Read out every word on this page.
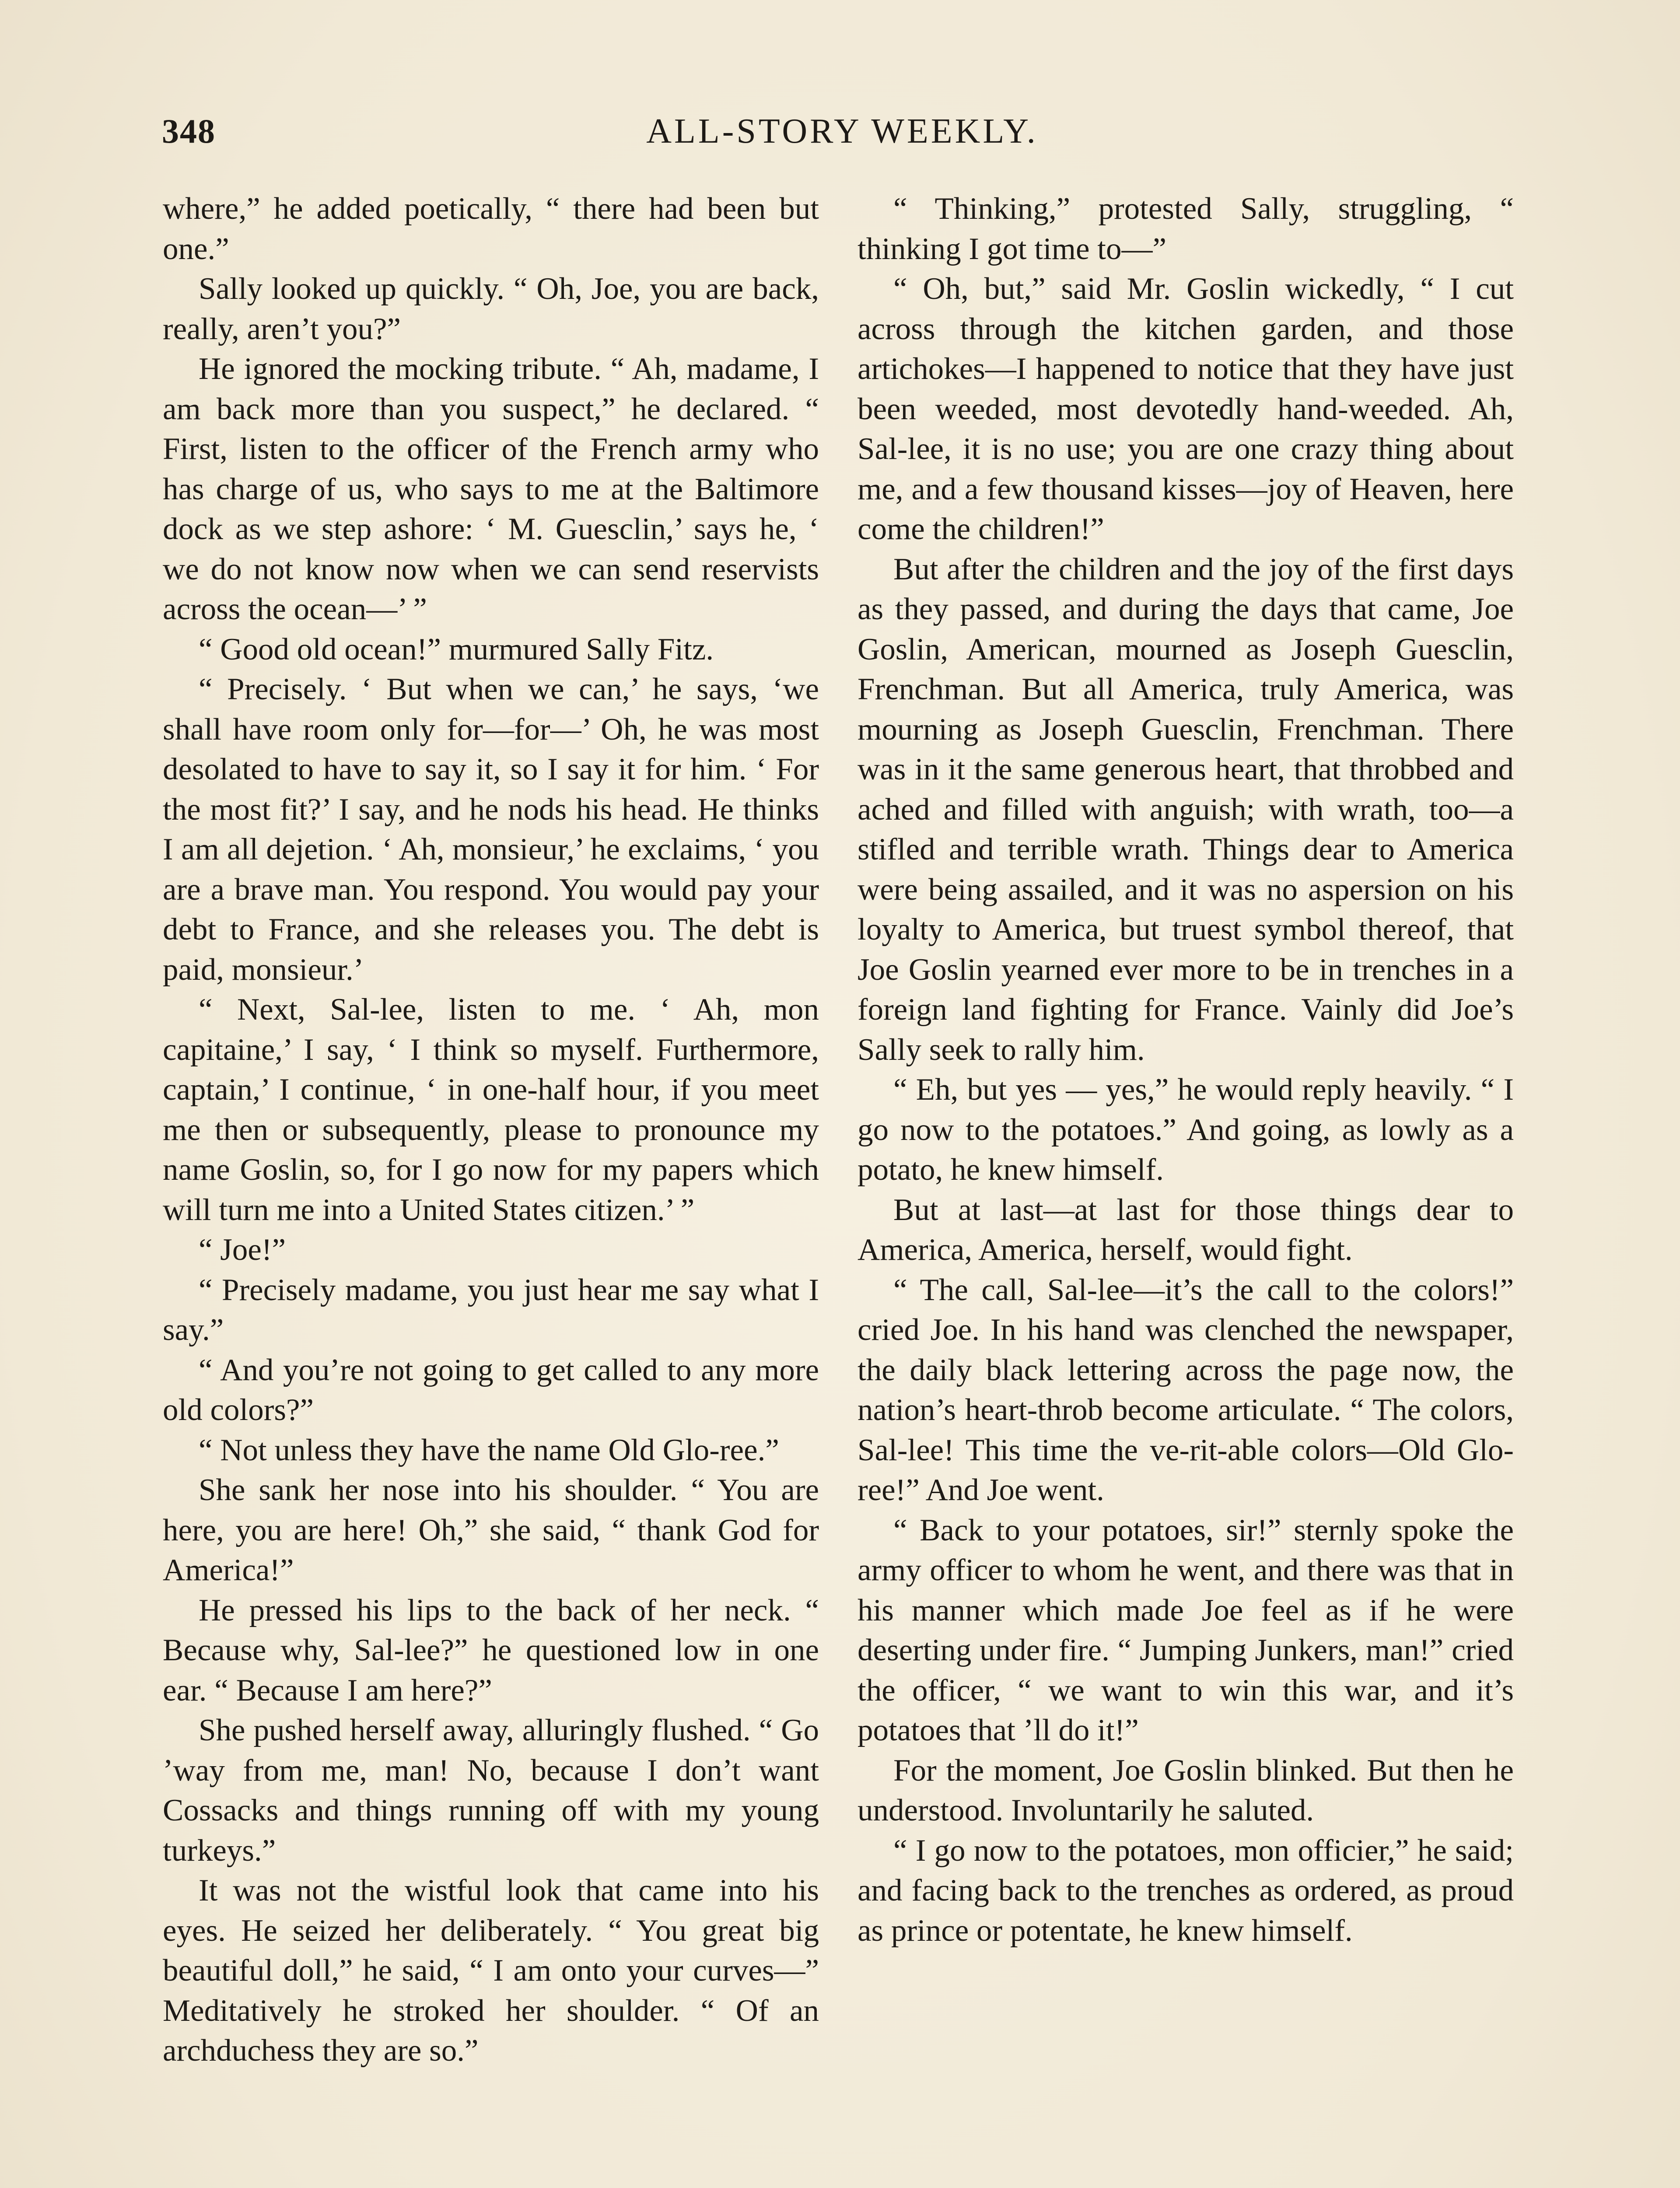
348	ALL-STORY WEEKLY.

where,” he added poetically, “ there had been but one.”

Sally looked up quickly. “ Oh, Joe, you are back, really, aren’t you?”

He ignored the mocking tribute. “ Ah, madame, I am back more than you suspect,” he declared. “ First, listen to the officer of the French army who has charge of us, who says to me at the Baltimore dock as we step ashore: ‘ M. Guesclin,’ says he, ‘ we do not know now when we can send reservists across the ocean—’ ”

“ Good old ocean!” murmured Sally Fitz.

“ Precisely. ‘ But when we can,’ he says, ‘we shall have room only for—for—’ Oh, he was most desolated to have to say it, so I say it for him. ‘ For the most fit?’ I say, and he nods his head. He thinks I am all dejetion. ‘ Ah, monsieur,’ he exclaims, ‘ you are a brave man. You respond. You would pay your debt to France, and she releases you. The debt is paid, monsieur.’

“ Next, Sal-lee, listen to me. ‘ Ah, mon capitaine,’ I say, ‘ I think so myself. Furthermore, captain,’ I continue, ‘ in one-half hour, if you meet me then or subsequently, please to pronounce my name Goslin, so, for I go now for my papers which will turn me into a United States citizen.’ ”

“ Joe!”

“ Precisely madame, you just hear me say what I say.”

“ And you’re not going to get called to any more old colors?”

“ Not unless they have the name Old Glo-ree.”

She sank her nose into his shoulder. “ You are here, you are here! Oh,” she said, “ thank God for America!”

He pressed his lips to the back of her neck. “ Because why, Sal-lee?” he questioned low in one ear. “ Because I am here?”

She pushed herself away, alluringly flushed. “ Go ’way from me, man! No, because I don’t want Cossacks and things running off with my young turkeys.”

It was not the wistful look that came into his eyes. He seized her deliberately. “ You great big beautiful doll,” he said, “ I am onto your curves—” Meditatively he stroked her shoulder. “ Of an archduchess they are so.”

“ Thinking,” protested Sally, struggling, “ thinking I got time to—”

“ Oh, but,” said Mr. Goslin wickedly, “ I cut across through the kitchen garden, and those artichokes—I happened to notice that they have just been weeded, most devotedly hand-weeded. Ah, Sal-lee, it is no use; you are one crazy thing about me, and a few thousand kisses—joy of Heaven, here come the children!”

But after the children and the joy of the first days as they passed, and during the days that came, Joe Goslin, American, mourned as Joseph Guesclin, Frenchman. But all America, truly America, was mourning as Joseph Guesclin, Frenchman. There was in it the same generous heart, that throbbed and ached and filled with anguish; with wrath, too—a stifled and terrible wrath. Things dear to America were being assailed, and it was no aspersion on his loyalty to America, but truest symbol thereof, that Joe Goslin yearned ever more to be in trenches in a foreign land fighting for France. Vainly did Joe’s Sally seek to rally him.

“ Eh, but yes — yes,” he would reply heavily. “ I go now to the potatoes.” And going, as lowly as a potato, he knew himself.

But at last—at last for those things dear to America, America, herself, would fight.

“ The call, Sal-lee—it’s the call to the colors!” cried Joe. In his hand was clenched the newspaper, the daily black lettering across the page now, the nation’s heart-throb become articulate. “ The colors, Sal-lee! This time the ve-rit-able colors—Old Glo-ree!” And Joe went.

“ Back to your potatoes, sir!” sternly spoke the army officer to whom he went, and there was that in his manner which made Joe feel as if he were deserting under fire. “ Jumping Junkers, man!” cried the officer, “ we want to win this war, and it’s potatoes that ’ll do it!”

For the moment, Joe Goslin blinked. But then he understood. Involuntarily he saluted.

“ I go now to the potatoes, mon officier,” he said; and facing back to the trenches as ordered, as proud as prince or potentate, he knew himself.
